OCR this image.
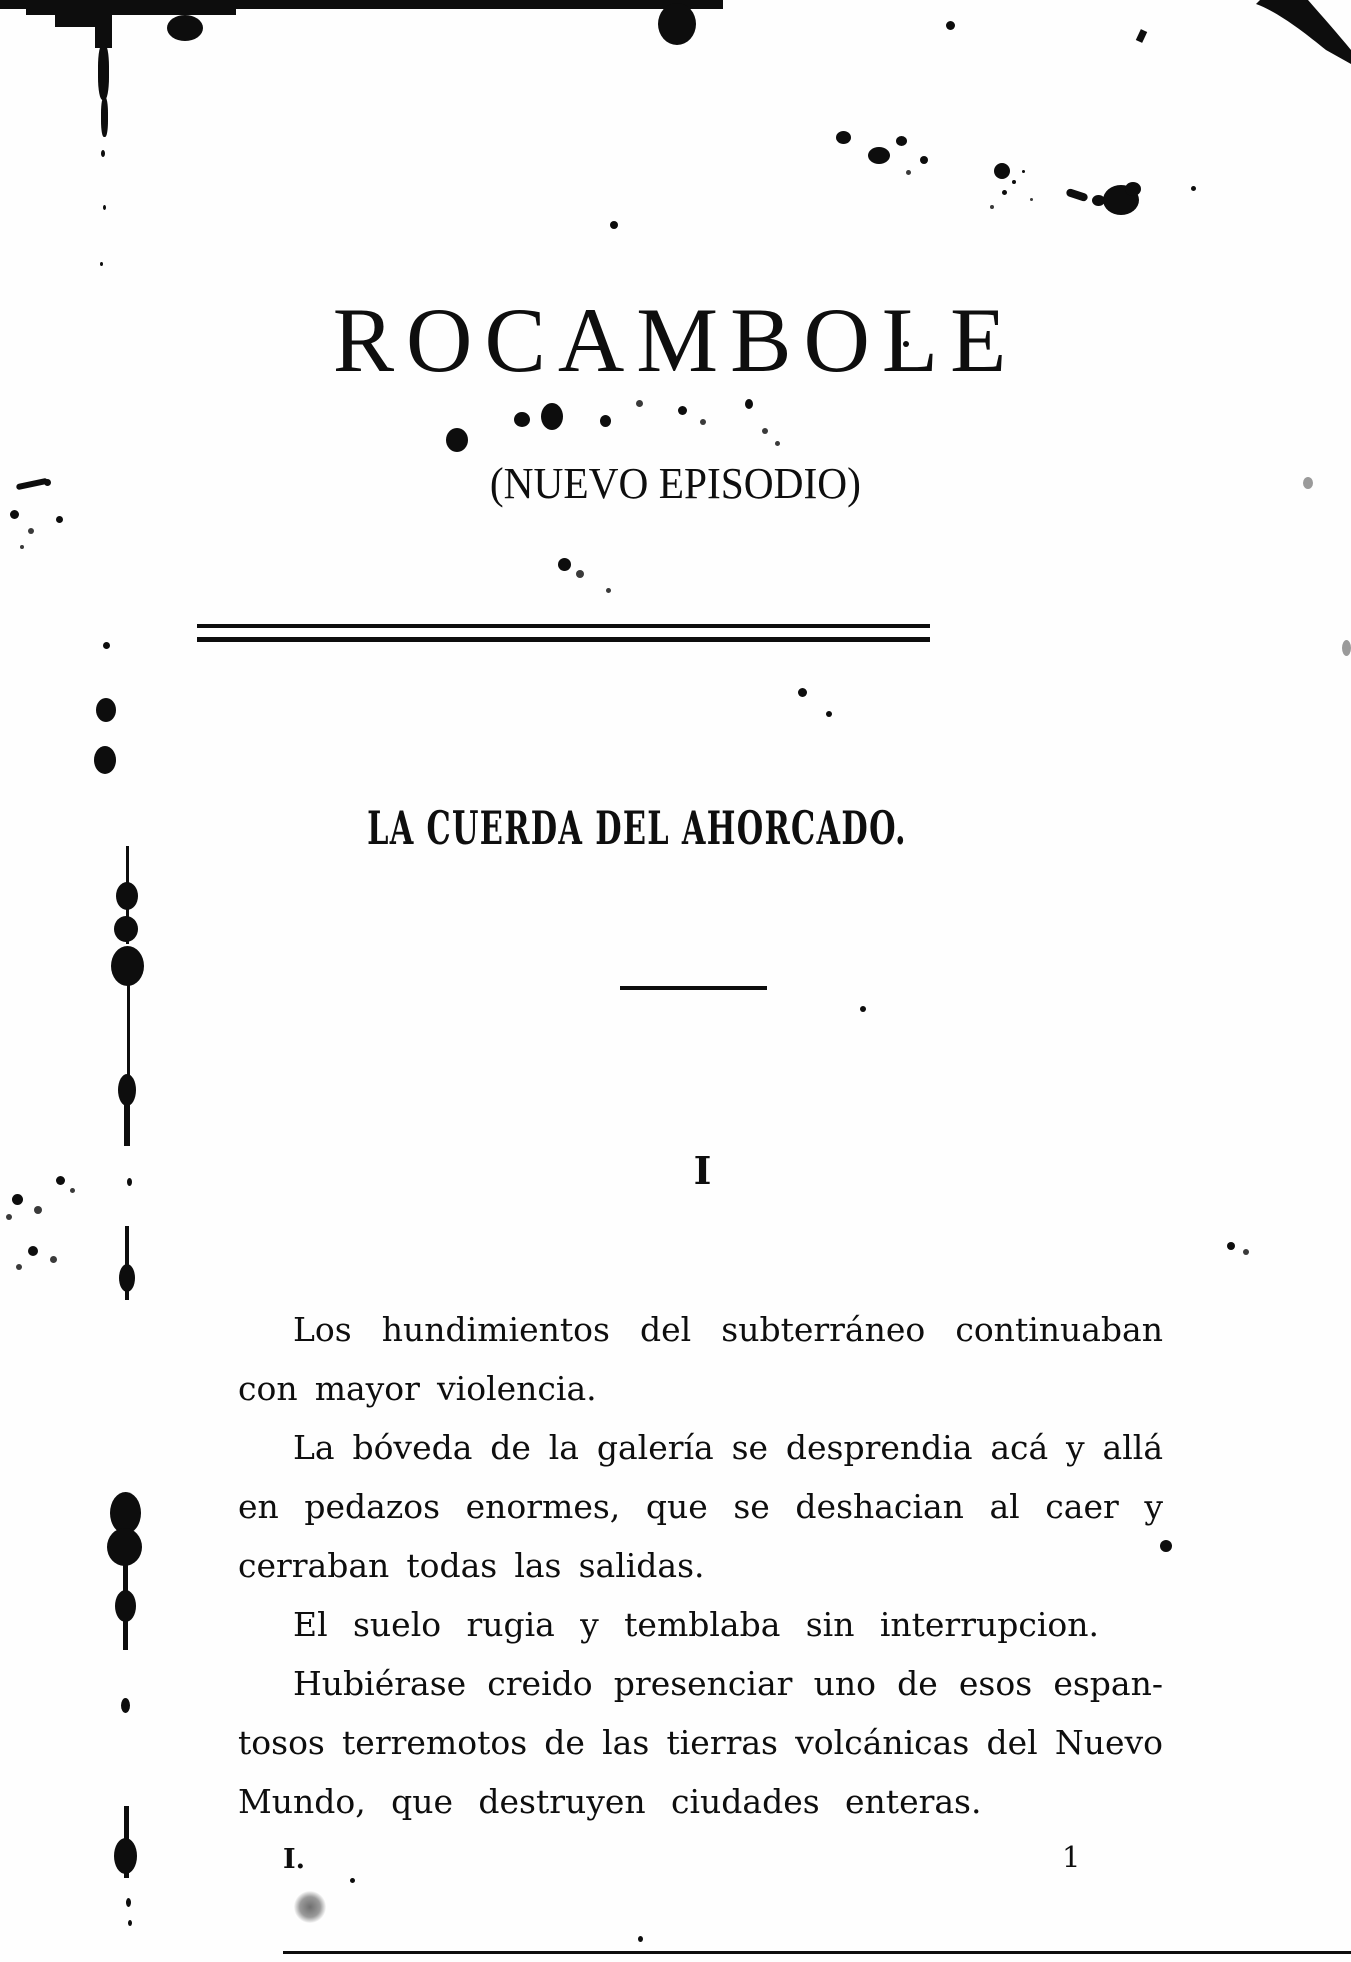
ROCAMBOLE
(NUEVO EPISODIO)
LA CUERDA DEL AHORCADO.
I
Los hundimientos del subterráneo continuaban
con mayor violencia.
La bóveda de la galería se desprendia acá y allá
en pedazos enormes, que se deshacian al caer y
cerraban todas las salidas.
El suelo rugia y temblaba sin interrupcion.
Hubiérase creido presenciar uno de esos espan-
tosos terremotos de las tierras volcánicas del Nuevo
Mundo, que destruyen ciudades enteras.
I.	1
